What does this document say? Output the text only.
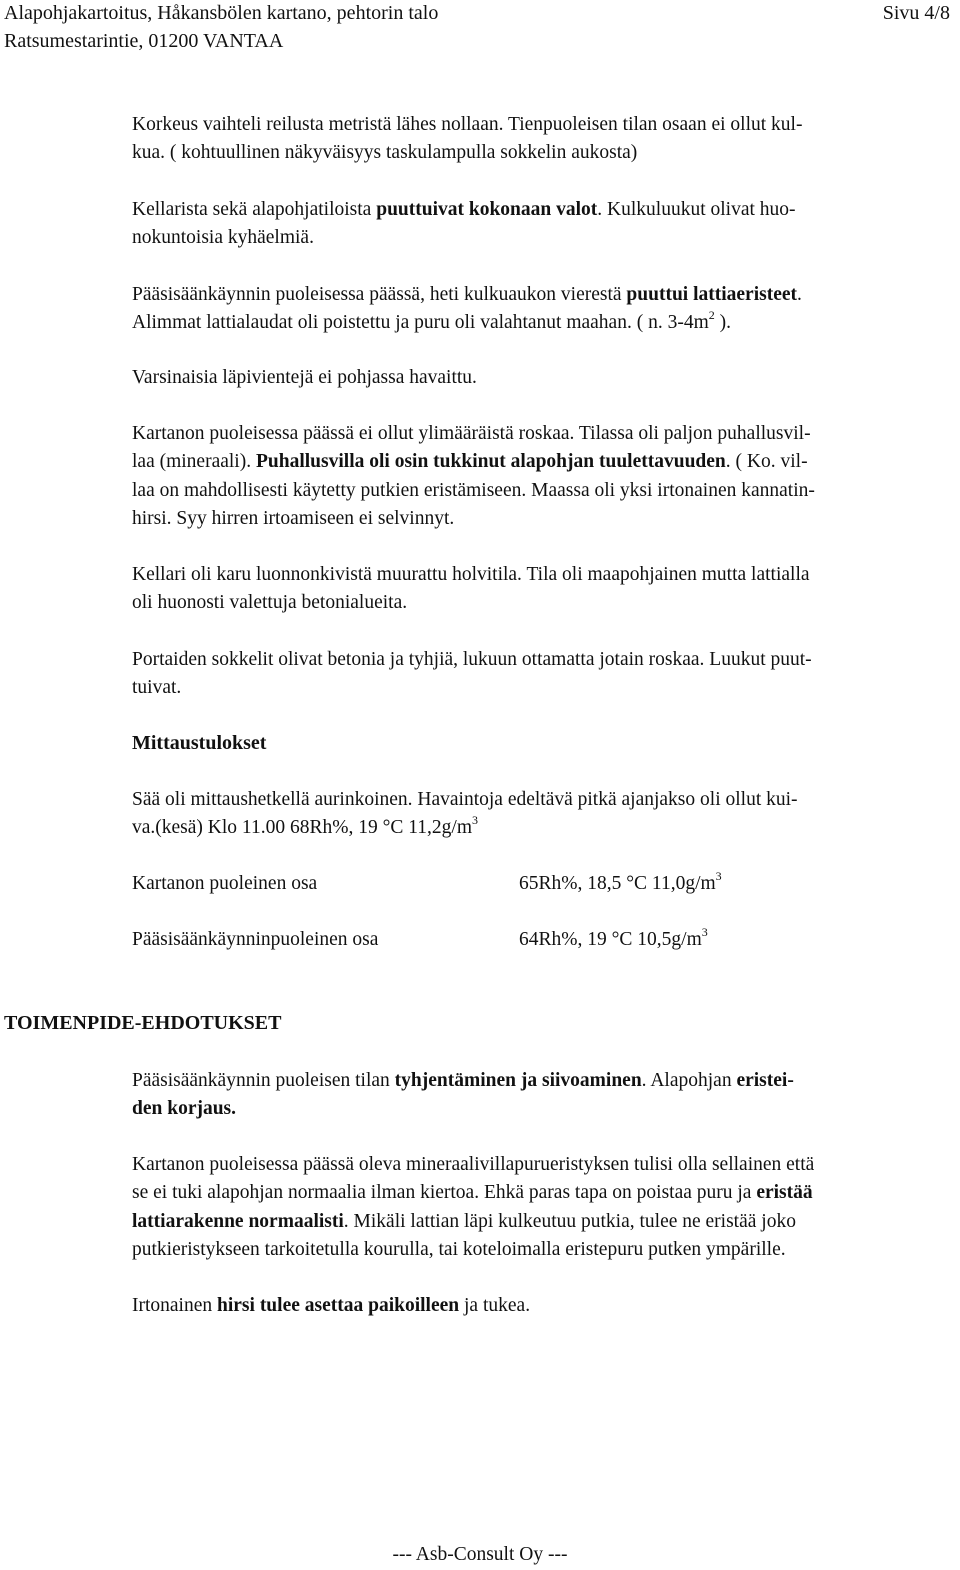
Alapohjakartoitus, Håkansbölen kartano, pehtorin talo
Ratsumestarintie, 01200 VANTAA
Sivu 4/8
Korkeus vaihteli reilusta metristä lähes nollaan. Tienpuoleisen tilan osaan ei ollut kul-
kua. ( kohtuullinen näkyväisyys taskulampulla sokkelin aukosta)
Kellarista sekä alapohjatiloista puuttuivat kokonaan valot. Kulkuluukut olivat huo-
nokuntoisia kyhäelmiä.
Pääsisäänkäynnin puoleisessa päässä, heti kulkuaukon vierestä puuttui lattiaeristeet.
Alimmat lattialaudat oli poistettu ja puru oli valahtanut maahan. ( n. $3-4m^2$ ).
Varsinaisia läpivientejä ei pohjassa havaittu.
Kartanon puoleisessa päässä ei ollut ylimääräistä roskaa. Tilassa oli paljon puhallusvil-
laa (mineraali). Puhallusvilla oli osin tukkinut alapohjan tuulettavuuden. ( Ko. vil-
laa on mahdollisesti käytetty putkien eristämiseen. Maassa oli yksi irtonainen kannatin-
hirsi. Syy hirren irtoamiseen ei selvinnyt.
Kellari oli karu luonnonkivistä muurattu holvitila. Tila oli maapohjainen mutta lattialla
oli huonosti valettuja betonialueita.
Portaiden sokkelit olivat betonia ja tyhjiä, lukuun ottamatta jotain roskaa. Luukut puut-
tuivat.
Mittaustulokset
Sää oli mittaushetkellä aurinkoinen. Havaintoja edeltävä pitkä ajanjakso oli ollut kui-
va.(kesä) Klo 11.00 68Rh%, 19 °C $11,2g/m^3$
Kartanon puoleinen osa	65Rh%, 18,5 °C $11,0g/m^3$
Pääsisäänkäynninpuoleinen osa	64Rh%, 19 °C $10,5g/m^3$
TOIMENPIDE-EHDOTUKSET
Pääsisäänkäynnin puoleisen tilan tyhjentäminen ja siivoaminen. Alapohjan eristei-
den korjaus.
Kartanon puoleisessa päässä oleva mineraalivillapurueristyksen tulisi olla sellainen että
se ei tuki alapohjan normaalia ilman kiertoa. Ehkä paras tapa on poistaa puru ja eristää
lattiarakenne normaalisti. Mikäli lattian läpi kulkeutuu putkia, tulee ne eristää joko
putkieristykseen tarkoitetulla kourulla, tai koteloimalla eristepuru putken ympärille.
Irtonainen hirsi tulee asettaa paikoilleen ja tukea.
--- Asb-Consult Oy ---
